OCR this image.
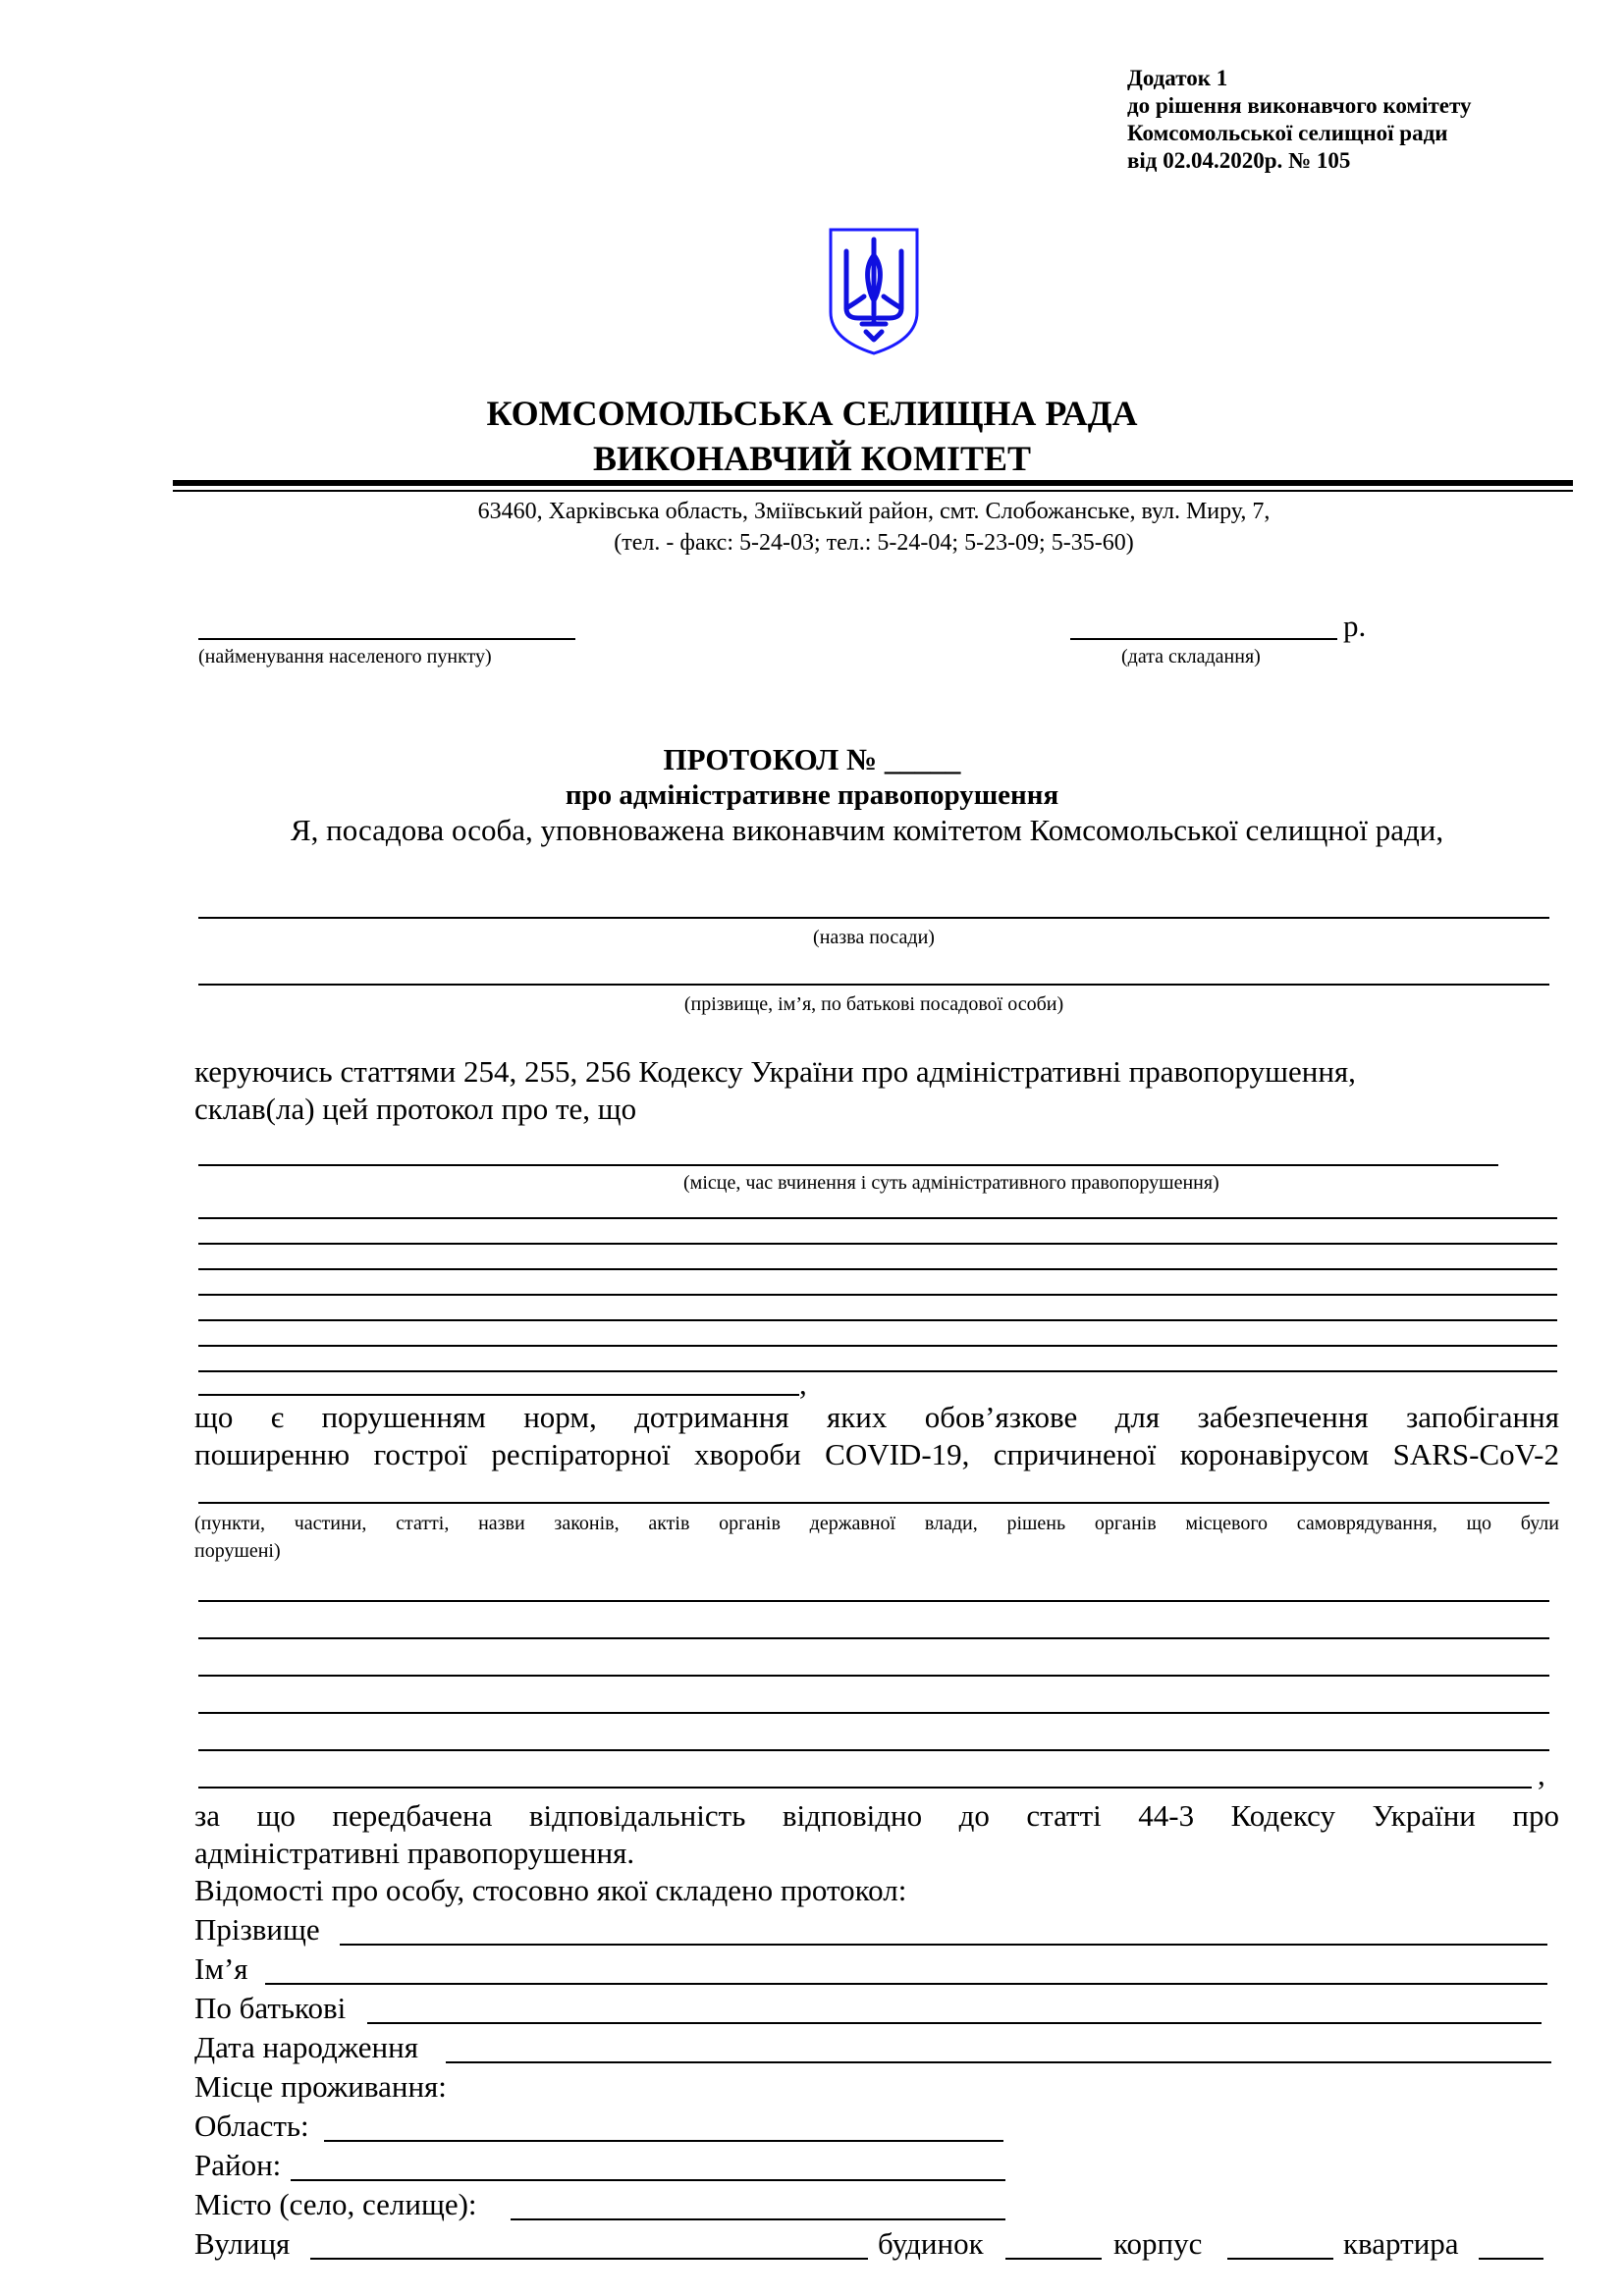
Додаток 1
до рішення виконавчого комітету
Комсомольської селищної ради
від 02.04.2020р. № 105
КОМСОМОЛЬСЬКА СЕЛИЩНА РАДА
ВИКОНАВЧИЙ КОМІТЕТ
63460, Харківська область, Зміївський район, смт. Слобожанське, вул. Миру, 7,
(тел. - факс: 5-24-03; тел.: 5-24-04; 5-23-09; 5-35-60)
(найменування населеного пункту)
р.
(дата складання)
ПРОТОКОЛ № _____
про адміністративне правопорушення
Я, посадова особа, уповноважена виконавчим комітетом Комсомольської селищної ради,
(назва посади)
(прізвище, ім’я, по батькові посадової особи)
керуючись статтями 254, 255, 256 Кодексу України про адміністративні правопорушення,
склав(ла) цей протокол про те, що
(місце, час вчинення і суть адміністративного правопорушення)
,
що є порушенням норм, дотримання яких обов’язкове для забезпечення запобігання
поширенню гострої респіраторної хвороби COVID-19, спричиненої коронавірусом SARS-CoV-2
(пункти, частини, статті, назви законів, актів органів державної влади, рішень органів місцевого самоврядування, що були
порушені)
,
за що передбачена відповідальність відповідно до статті 44-3 Кодексу України про
адміністративні правопорушення.
Відомості про особу, стосовно якої складено протокол:
Прізвище
Ім’я
По батькові
Дата народження
Місце проживання:
Область:
Район:
Місто (село, селище):
Вулиця	будинок	корпус	квартира
